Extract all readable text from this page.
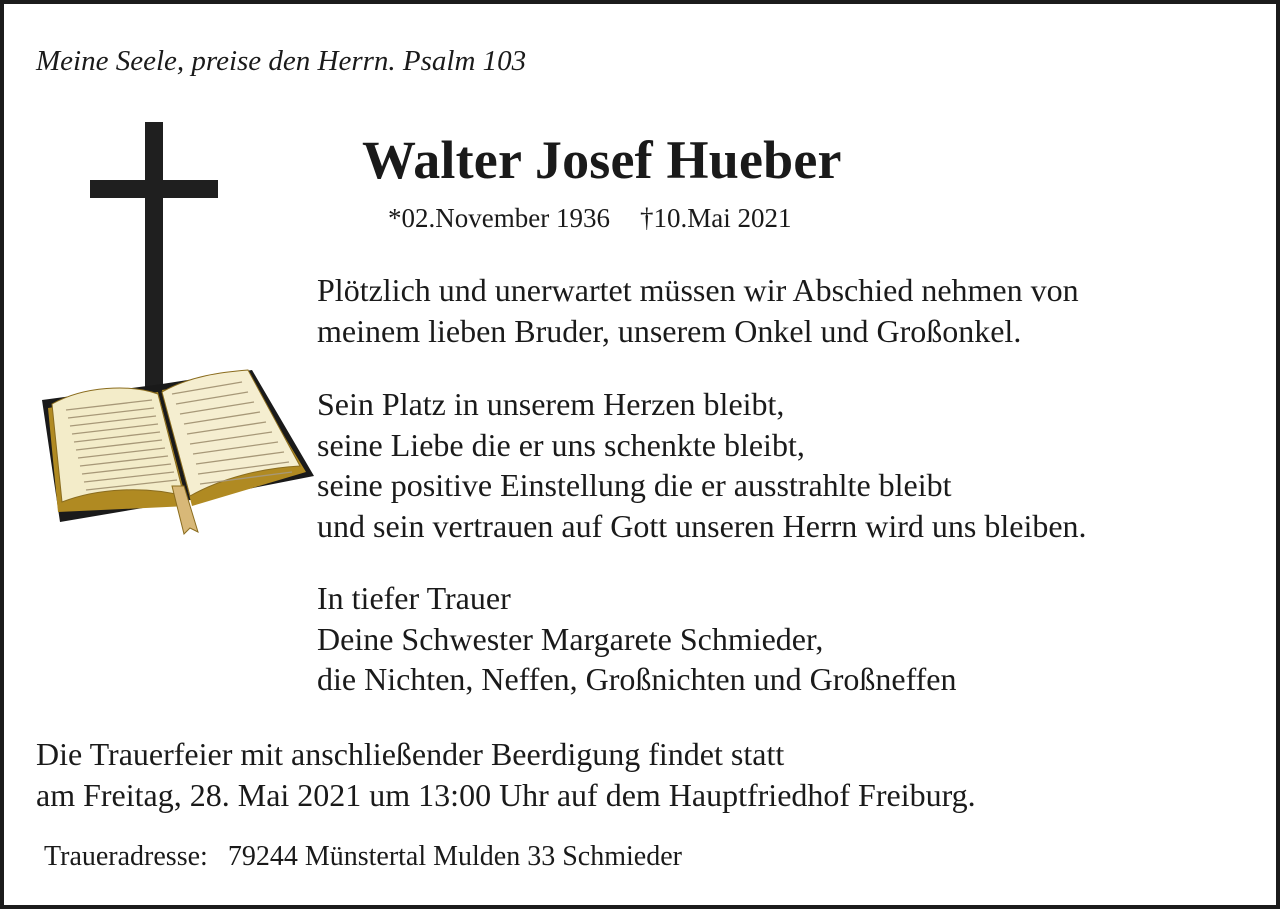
Meine Seele, preise den Herrn. Psalm 103
Walter Josef Hueber
*02.November 1936 †10.Mai 2021
Plötzlich und unerwartet müssen wir Abschied nehmen von
meinem lieben Bruder, unserem Onkel und Großonkel.
Sein Platz in unserem Herzen bleibt,
seine Liebe die er uns schenkte bleibt,
seine positive Einstellung die er ausstrahlte bleibt
und sein vertrauen auf Gott unseren Herrn wird uns bleiben.
In tiefer Trauer
Deine Schwester Margarete Schmieder,
die Nichten, Neffen, Großnichten und Großneffen
Die Trauerfeier mit anschließender Beerdigung findet statt
am Freitag, 28. Mai 2021 um 13:00 Uhr auf dem Hauptfriedhof Freiburg.
Traueradresse: 79244 Münstertal Mulden 33 Schmieder
